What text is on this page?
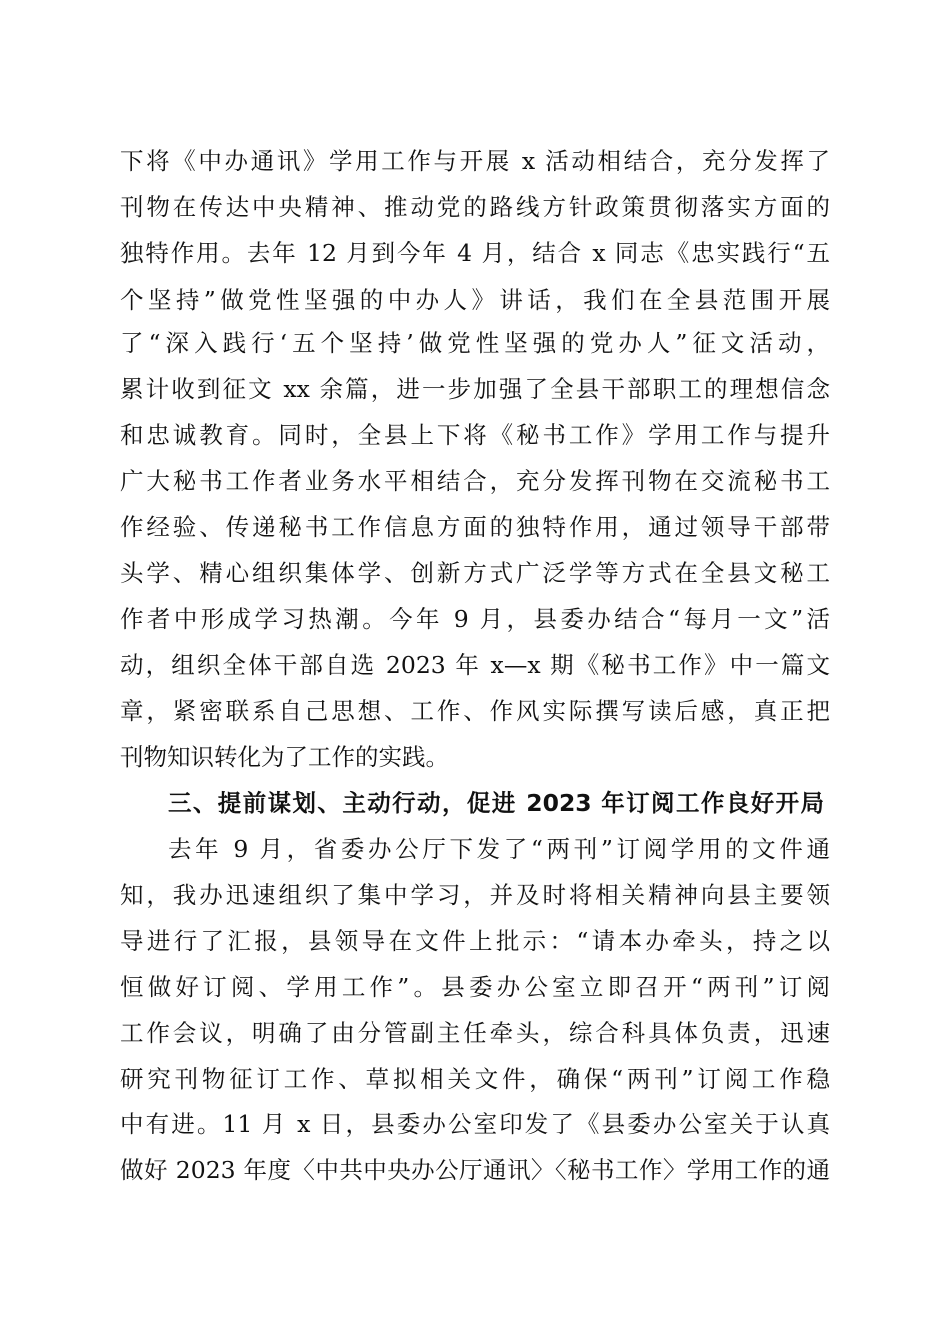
下将《中办通讯》学用工作与开展 x 活动相结合，充分发挥了
刊物在传达中央精神、推动党的路线方针政策贯彻落实方面的
独特作用。去年 12 月到今年 4 月，结合 x 同志《忠实践行“五
个坚持”做党性坚强的中办人》讲话，我们在全县范围开展
了“深入践行‘五个坚持’做党性坚强的党办人”征文活动，
累计收到征文 xx 余篇，进一步加强了全县干部职工的理想信念
和忠诚教育。同时，全县上下将《秘书工作》学用工作与提升
广大秘书工作者业务水平相结合，充分发挥刊物在交流秘书工
作经验、传递秘书工作信息方面的独特作用，通过领导干部带
头学、精心组织集体学、创新方式广泛学等方式在全县文秘工
作者中形成学习热潮。今年 9 月，县委办结合“每月一文”活
动，组织全体干部自选 2023 年 x—x 期《秘书工作》中一篇文
章，紧密联系自己思想、工作、作风实际撰写读后感，真正把
刊物知识转化为了工作的实践。
三、提前谋划、主动行动，促进 2023 年订阅工作良好开局
去年 9 月，省委办公厅下发了“两刊”订阅学用的文件通
知，我办迅速组织了集中学习，并及时将相关精神向县主要领
导进行了汇报，县领导在文件上批示：“请本办牵头，持之以
恒做好订阅、学用工作”。县委办公室立即召开“两刊”订阅
工作会议，明确了由分管副主任牵头，综合科具体负责，迅速
研究刊物征订工作、草拟相关文件，确保“两刊”订阅工作稳
中有进。11 月 x 日，县委办公室印发了《县委办公室关于认真
做好 2023 年度〈中共中央办公厅通讯〉〈秘书工作〉学用工作的通
